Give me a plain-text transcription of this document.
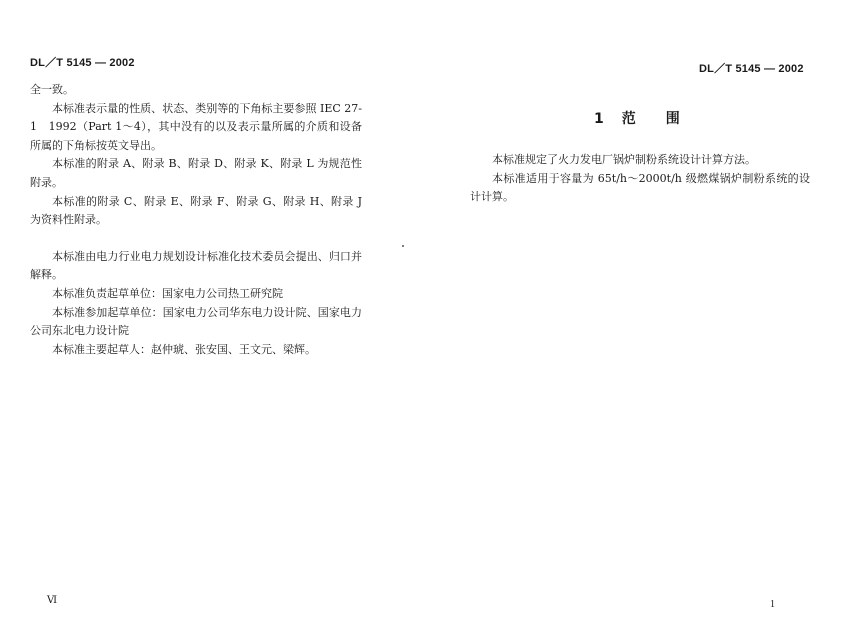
DL／T 5145 — 2002

全一致。

本标准表示量的性质、状态、类别等的下角标主要参照 IEC 27-1　1992（Part 1～4），其中没有的以及表示量所属的介质和设备所属的下角标按英文导出。

本标准的附录 A、附录 B、附录 D、附录 K、附录 L 为规范性附录。

本标准的附录 C、附录 E、附录 F、附录 G、附录 H、附录 J 为资料性附录。

本标准由电力行业电力规划设计标准化技术委员会提出、归口并解释。

本标准负责起草单位：国家电力公司热工研究院

本标准参加起草单位：国家电力公司华东电力设计院、国家电力公司东北电力设计院

本标准主要起草人：赵仲琥、张安国、王文元、梁辉。

Ⅵ
DL／T 5145 — 2002
1 范 围

本标准规定了火力发电厂锅炉制粉系统设计计算方法。

本标准适用于容量为 65t/h～2000t/h 级燃煤锅炉制粉系统的设计计算。

1
